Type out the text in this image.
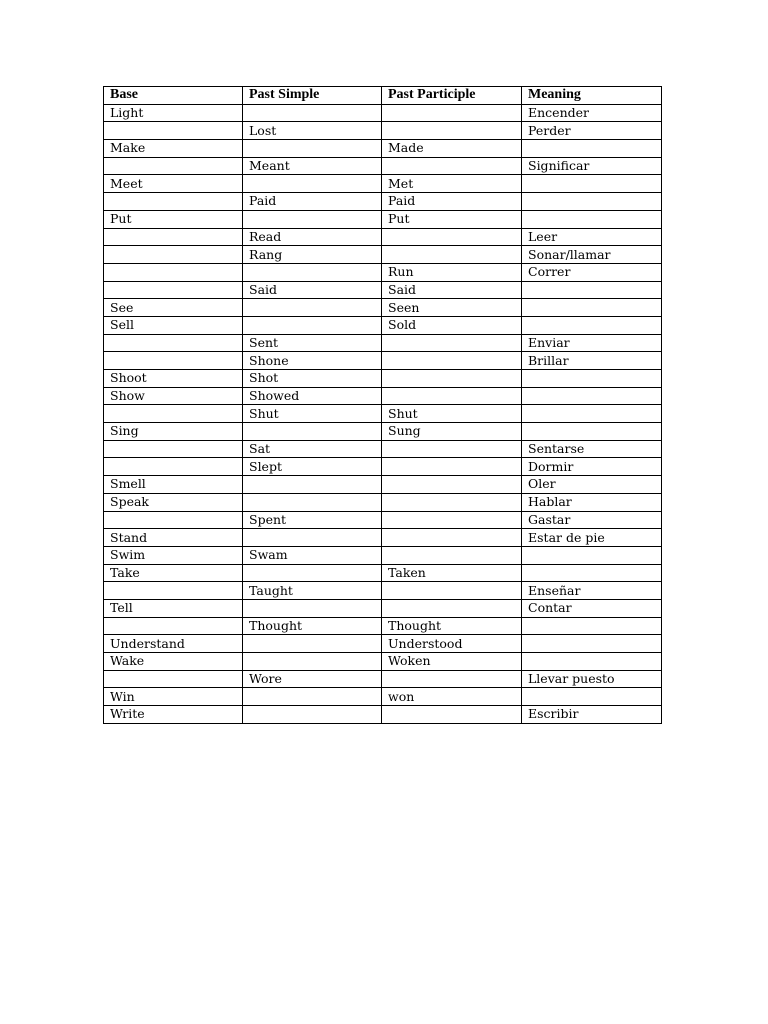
Base	Past Simple	Past Participle	Meaning
Light			Encender
	Lost		Perder
Make		Made	
	Meant		Significar
Meet		Met	
	Paid	Paid	
Put		Put	
	Read		Leer
	Rang		Sonar/llamar
		Run	Correr
	Said	Said	
See		Seen	
Sell		Sold	
	Sent		Enviar
	Shone		Brillar
Shoot	Shot		
Show	Showed		
	Shut	Shut	
Sing		Sung	
	Sat		Sentarse
	Slept		Dormir
Smell			Oler
Speak			Hablar
	Spent		Gastar
Stand			Estar de pie
Swim	Swam		
Take		Taken	
	Taught		Enseñar
Tell			Contar
	Thought	Thought	
Understand		Understood	
Wake		Woken	
	Wore		Llevar puesto
Win		won	
Write			Escribir
